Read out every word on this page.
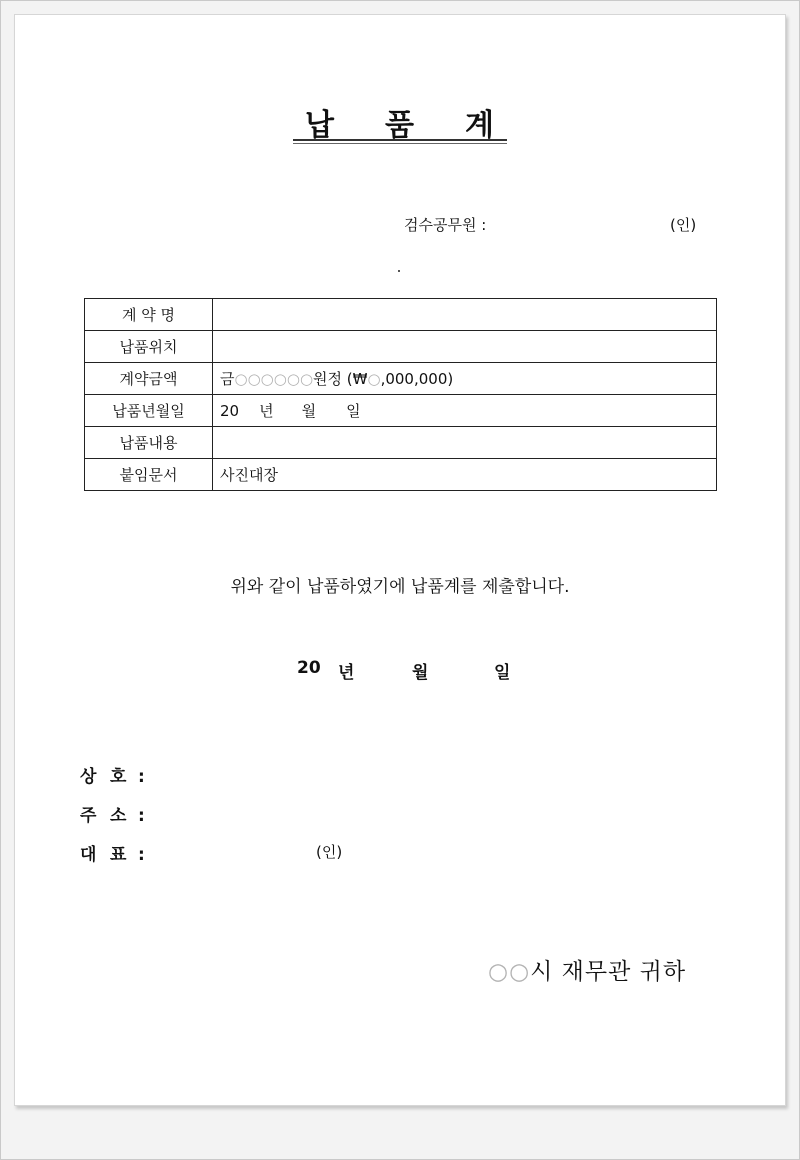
납 품 계
검수공무원 :	(인)
계 약 명	
납품위치	
계약금액	금○○○○○○원정 (₩○,000,000)
납품년월일	20 년 월 일
납품내용	
붙임문서	사진대장
위와 같이 납품하였기에 납품계를 제출합니다.
20 년	월	일
상 호 :
주 소 :
대 표 :	(인)
○○시 재무관 귀하
